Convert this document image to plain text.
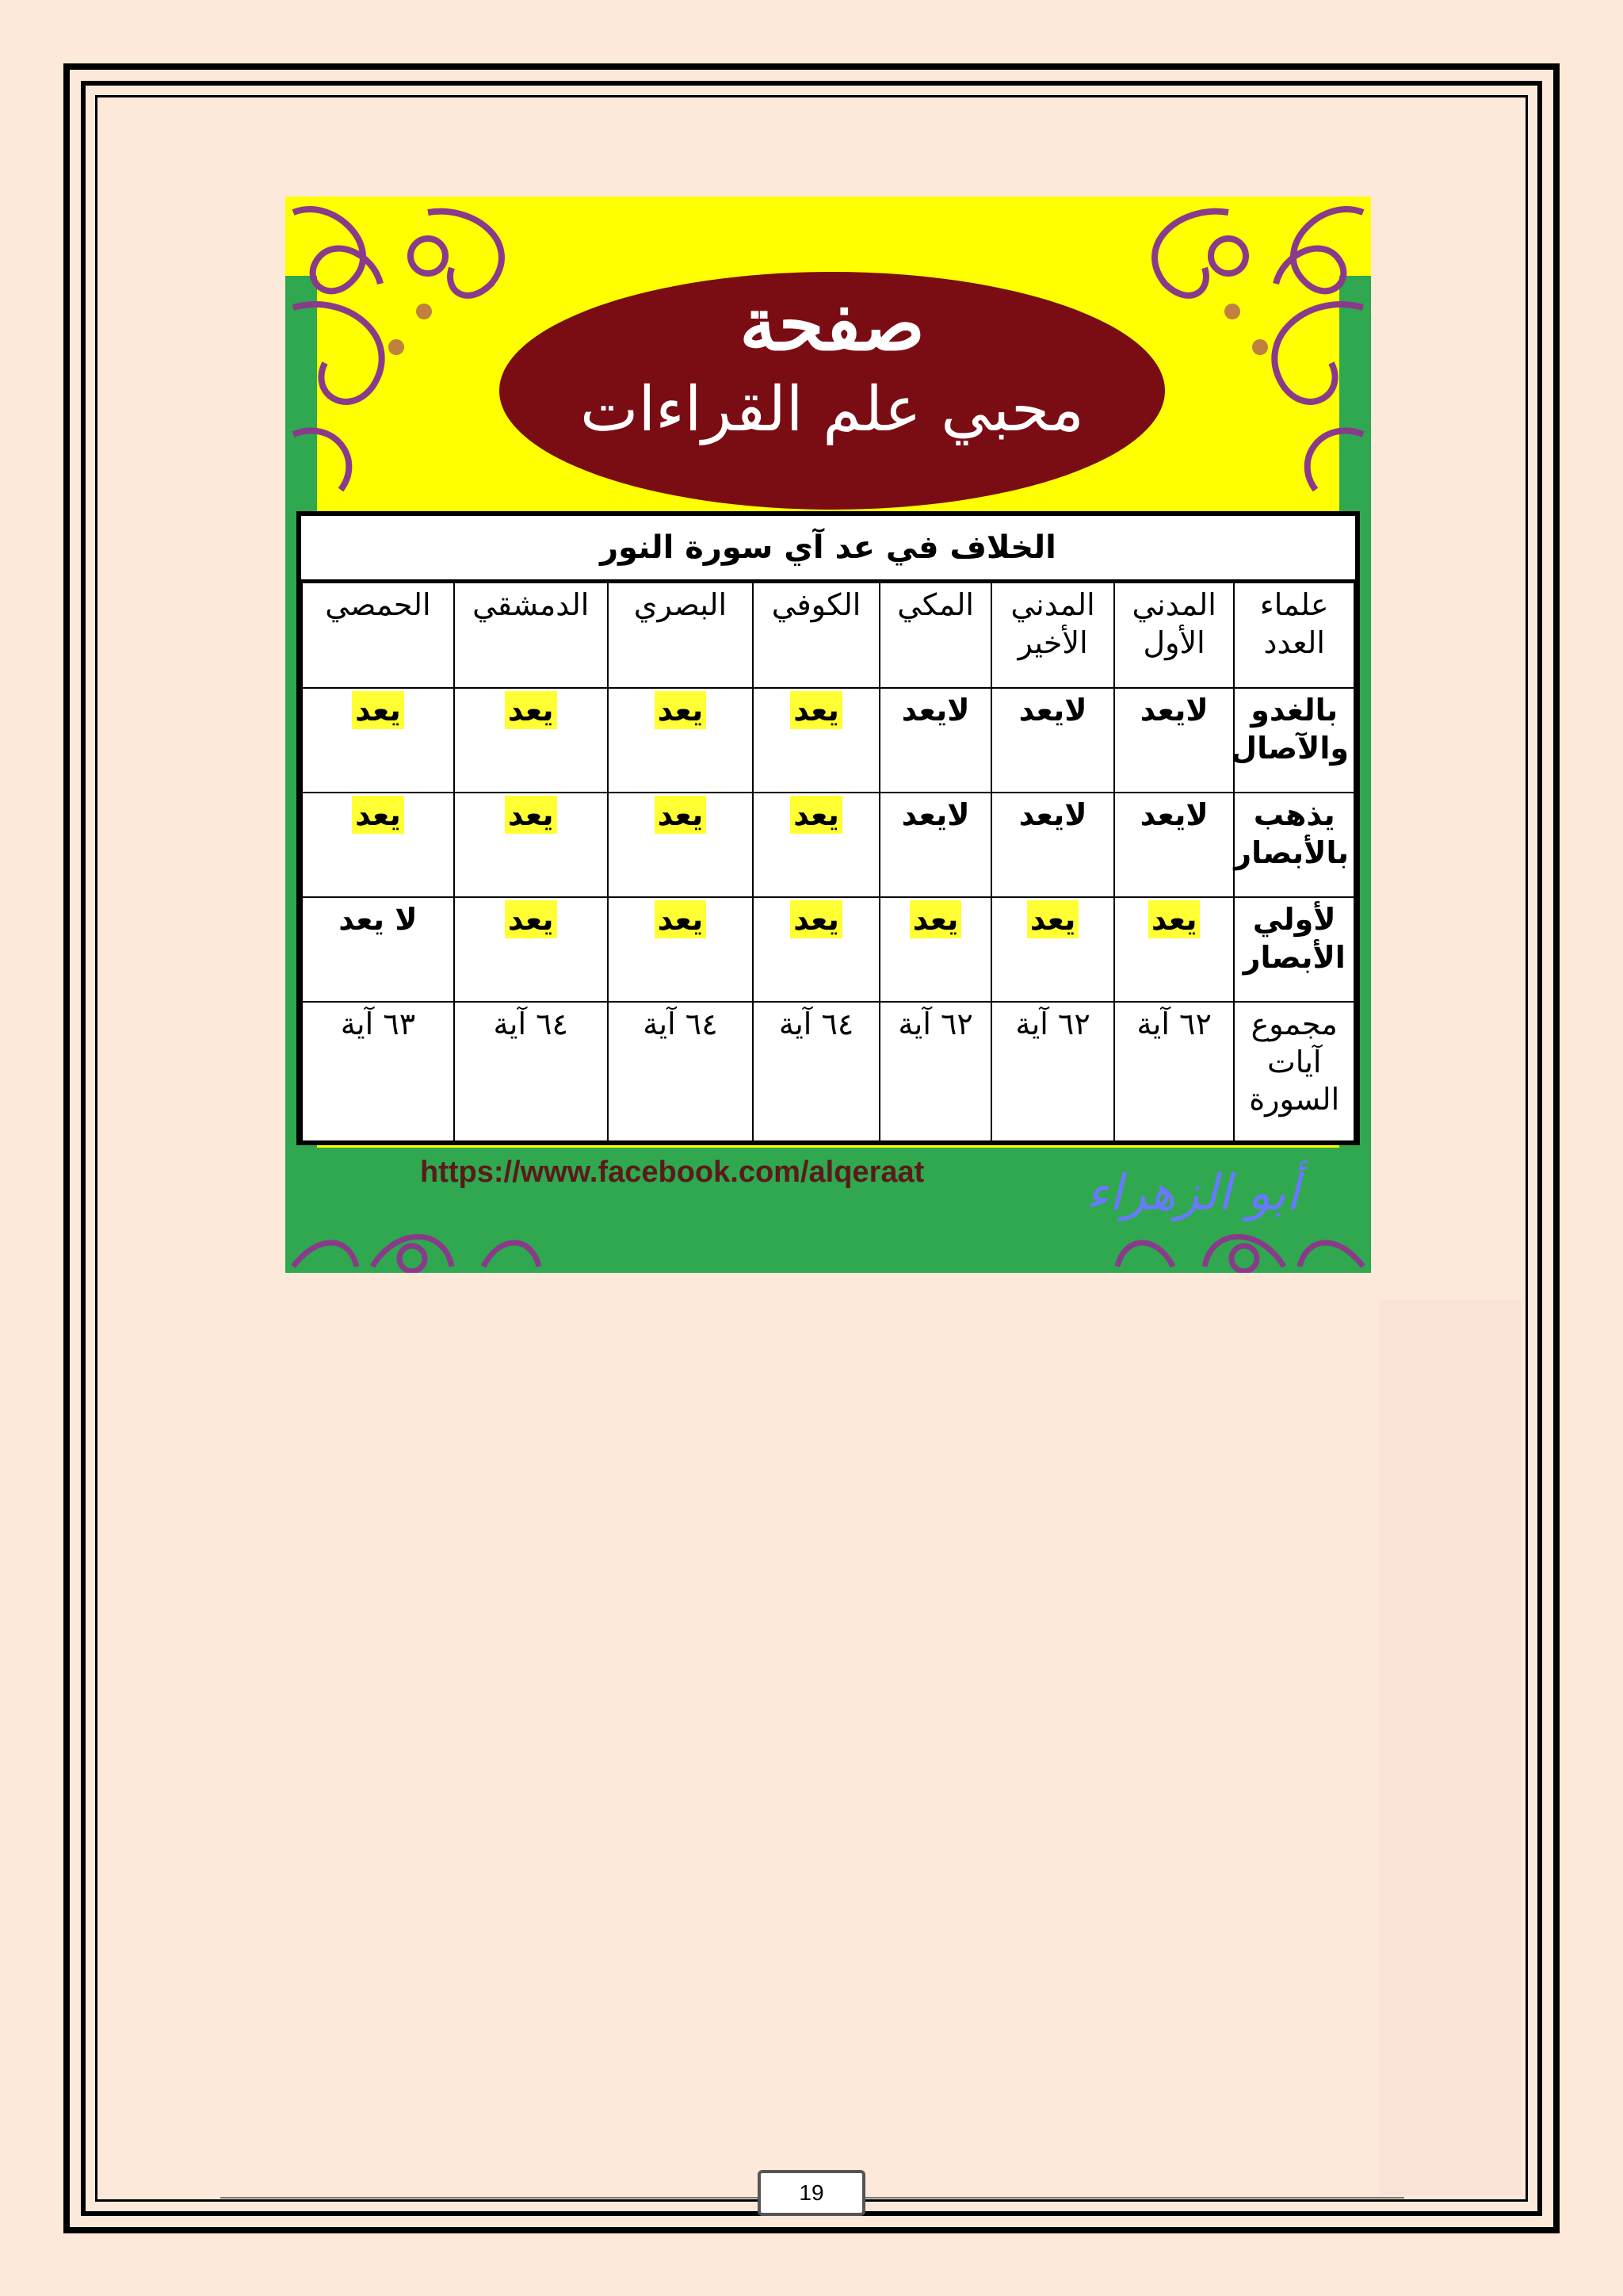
صفحة
محبي علم القراءات
الخلاف في عد آي سورة النور
علماء العدد	المدني الأول	المدني الأخير	المكي	الكوفي	البصري	الدمشقي	الحمصي
بالغدو والآصال	لايعد	لايعد	لايعد	يعد	يعد	يعد	يعد
يذهب بالأبصار	لايعد	لايعد	لايعد	يعد	يعد	يعد	يعد
لأولي الأبصار	يعد	يعد	يعد	يعد	يعد	يعد	لا يعد
مجموع آيات السورة	٦٢ آية	٦٢ آية	٦٢ آية	٦٤ آية	٦٤ آية	٦٤ آية	٦٣ آية
https://www.facebook.com/alqeraat	أبو الزهراء
19
